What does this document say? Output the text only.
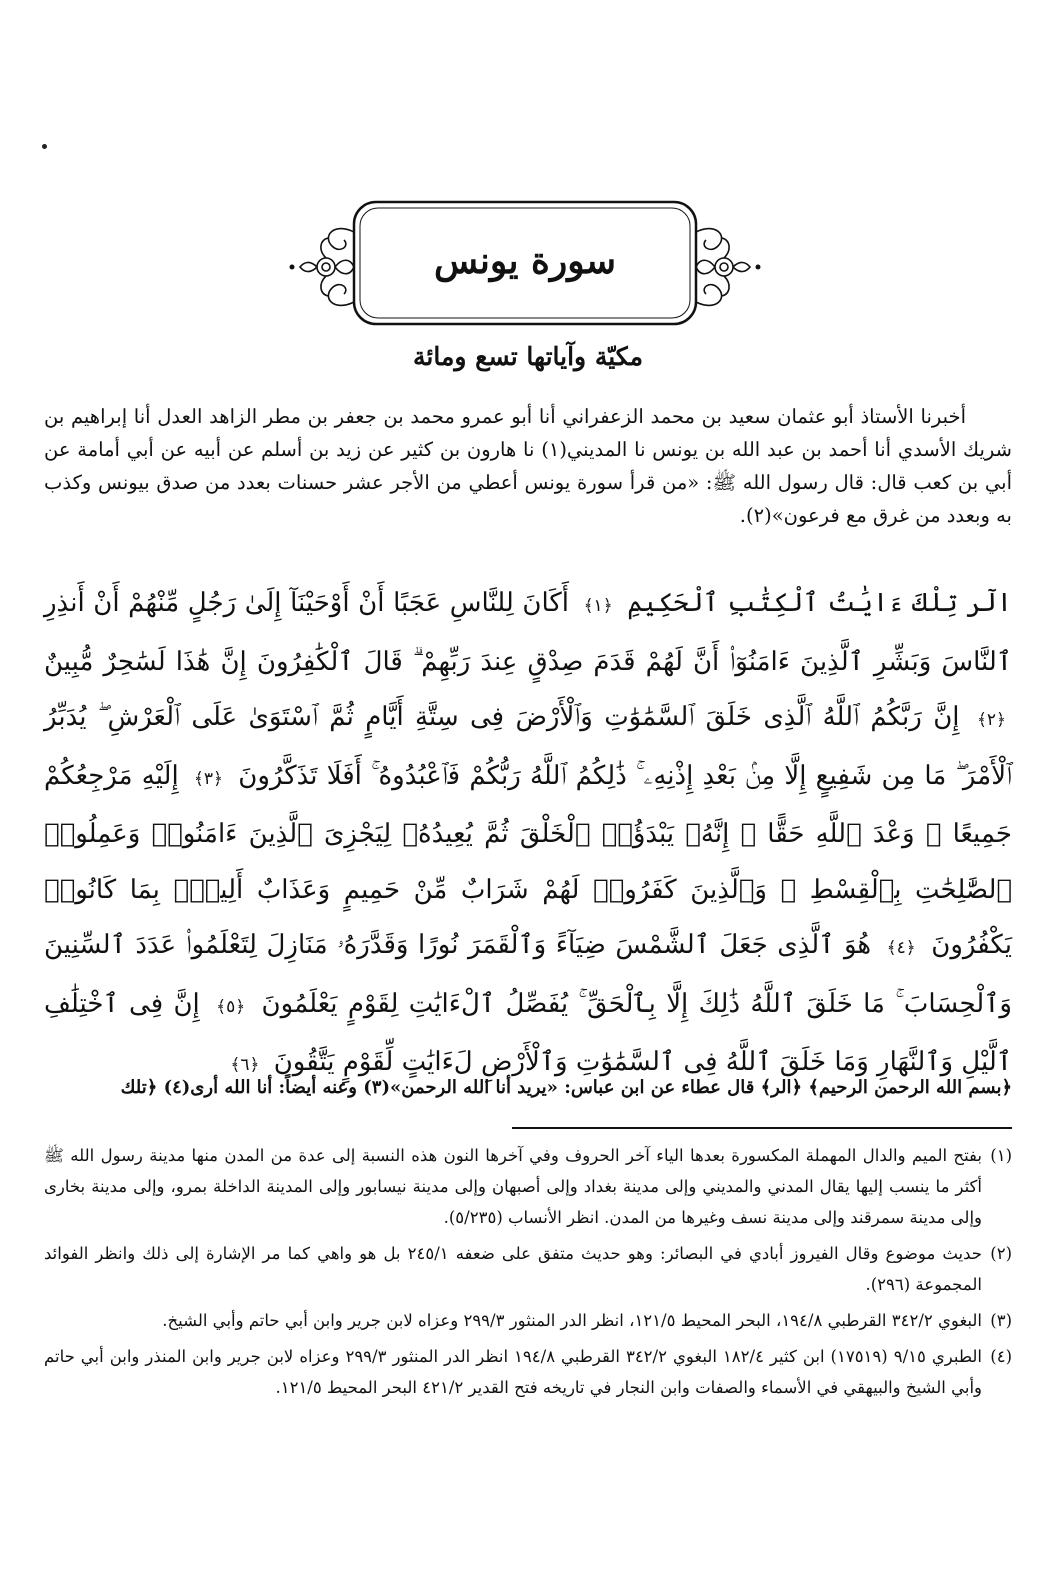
سورة يونس
مكيّة وآياتها تسع ومائة
أخبرنا الأستاذ أبو عثمان سعيد بن محمد الزعفراني أنا أبو عمرو محمد بن جعفر بن مطر الزاهد العدل أنا إبراهيم بن شريك الأسدي أنا أحمد بن عبد الله بن يونس نا المديني(١) نا هارون بن كثير عن زيد بن أسلم عن أبيه عن أبي أمامة عن أبي بن كعب قال: قال رسول الله ﷺ: «من قرأ سورة يونس أعطي من الأجر عشر حسنات بعدد من صدق بيونس وكذب به وبعدد من غرق مع فرعون»(٢).
الٓر تِلْكَ ءَايَٰتُ ٱلْكِتَٰبِ ٱلْحَكِيمِ ﴿١﴾ أَكَانَ لِلنَّاسِ عَجَبًا أَنْ أَوْحَيْنَآ إِلَىٰ رَجُلٍ مِّنْهُمْ أَنْ أَنذِرِ ٱلنَّاسَ وَبَشِّرِ ٱلَّذِينَ ءَامَنُوٓا۟ أَنَّ لَهُمْ قَدَمَ صِدْقٍ عِندَ رَبِّهِمْ ۗ قَالَ ٱلْكَٰفِرُونَ إِنَّ هَٰذَا لَسَٰحِرٌ مُّبِينٌ ﴿٢﴾ إِنَّ رَبَّكُمُ ٱللَّهُ ٱلَّذِى خَلَقَ ٱلسَّمَٰوَٰتِ وَٱلْأَرْضَ فِى سِتَّةِ أَيَّامٍ ثُمَّ ٱسْتَوَىٰ عَلَى ٱلْعَرْشِ ۖ يُدَبِّرُ ٱلْأَمْرَ ۖ مَا مِن شَفِيعٍ إِلَّا مِنۢ بَعْدِ إِذْنِهِۦ ۚ ذَٰلِكُمُ ٱللَّهُ رَبُّكُمْ فَٱعْبُدُوهُ ۚ أَفَلَا تَذَكَّرُونَ ﴿٣﴾ إِلَيْهِ مَرْجِعُكُمْ جَمِيعًا ۖ وَعْدَ ٱللَّهِ حَقًّا ۚ إِنَّهُۥ يَبْدَؤُا۟ ٱلْخَلْقَ ثُمَّ يُعِيدُهُۥ لِيَجْزِىَ ٱلَّذِينَ ءَامَنُوا۟ وَعَمِلُوا۟ ٱلصَّٰلِحَٰتِ بِٱلْقِسْطِ ۚ وَٱلَّذِينَ كَفَرُوا۟ لَهُمْ شَرَابٌ مِّنْ حَمِيمٍ وَعَذَابٌ أَلِيمٌۢ بِمَا كَانُوا۟ يَكْفُرُونَ ﴿٤﴾ هُوَ ٱلَّذِى جَعَلَ ٱلشَّمْسَ ضِيَآءً وَٱلْقَمَرَ نُورًا وَقَدَّرَهُۥ مَنَازِلَ لِتَعْلَمُوا۟ عَدَدَ ٱلسِّنِينَ وَٱلْحِسَابَ ۚ مَا خَلَقَ ٱللَّهُ ذَٰلِكَ إِلَّا بِٱلْحَقِّ ۚ يُفَصِّلُ ٱلْءَايَٰتِ لِقَوْمٍ يَعْلَمُونَ ﴿٥﴾ إِنَّ فِى ٱخْتِلَٰفِ ٱلَّيْلِ وَٱلنَّهَارِ وَمَا خَلَقَ ٱللَّهُ فِى ٱلسَّمَٰوَٰتِ وَٱلْأَرْضِ لَءَايَٰتٍ لِّقَوْمٍ يَتَّقُونَ ﴿٦﴾
﴿بسم الله الرحمن الرحيم﴾ ﴿الر﴾ قال عطاء عن ابن عباس: «يريد أنا الله الرحمن»(٣) وعنه أيضاً: أنا الله أرى(٤) ﴿تلك
(١)
بفتح الميم والدال المهملة المكسورة بعدها الياء آخر الحروف وفي آخرها النون هذه النسبة إلى عدة من المدن منها مدينة رسول الله ﷺ أكثر ما ينسب إليها يقال المدني والمديني وإلى مدينة بغداد وإلى أصبهان وإلى مدينة نيسابور وإلى المدينة الداخلة بمرو، وإلى مدينة بخارى وإلى مدينة سمرقند وإلى مدينة نسف وغيرها من المدن. انظر الأنساب (٥/٢٣٥).
(٢)
حديث موضوع وقال الفيروز أبادي في البصائر: وهو حديث متفق على ضعفه ٢٤٥/١ بل هو واهي كما مر الإشارة إلى ذلك وانظر الفوائد المجموعة (٢٩٦).
(٣)
البغوي ٣٤٢/٢ القرطبي ١٩٤/٨، البحر المحيط ١٢١/٥، انظر الدر المنثور ٢٩٩/٣ وعزاه لابن جرير وابن أبي حاتم وأبي الشيخ.
(٤)
الطبري ٩/١٥ (١٧٥١٩) ابن كثير ١٨٢/٤ البغوي ٣٤٢/٢ القرطبي ١٩٤/٨ انظر الدر المنثور ٢٩٩/٣ وعزاه لابن جرير وابن المنذر وابن أبي حاتم وأبي الشيخ والبيهقي في الأسماء والصفات وابن النجار في تاريخه فتح القدير ٤٢١/٢ البحر المحيط ١٢١/٥.
